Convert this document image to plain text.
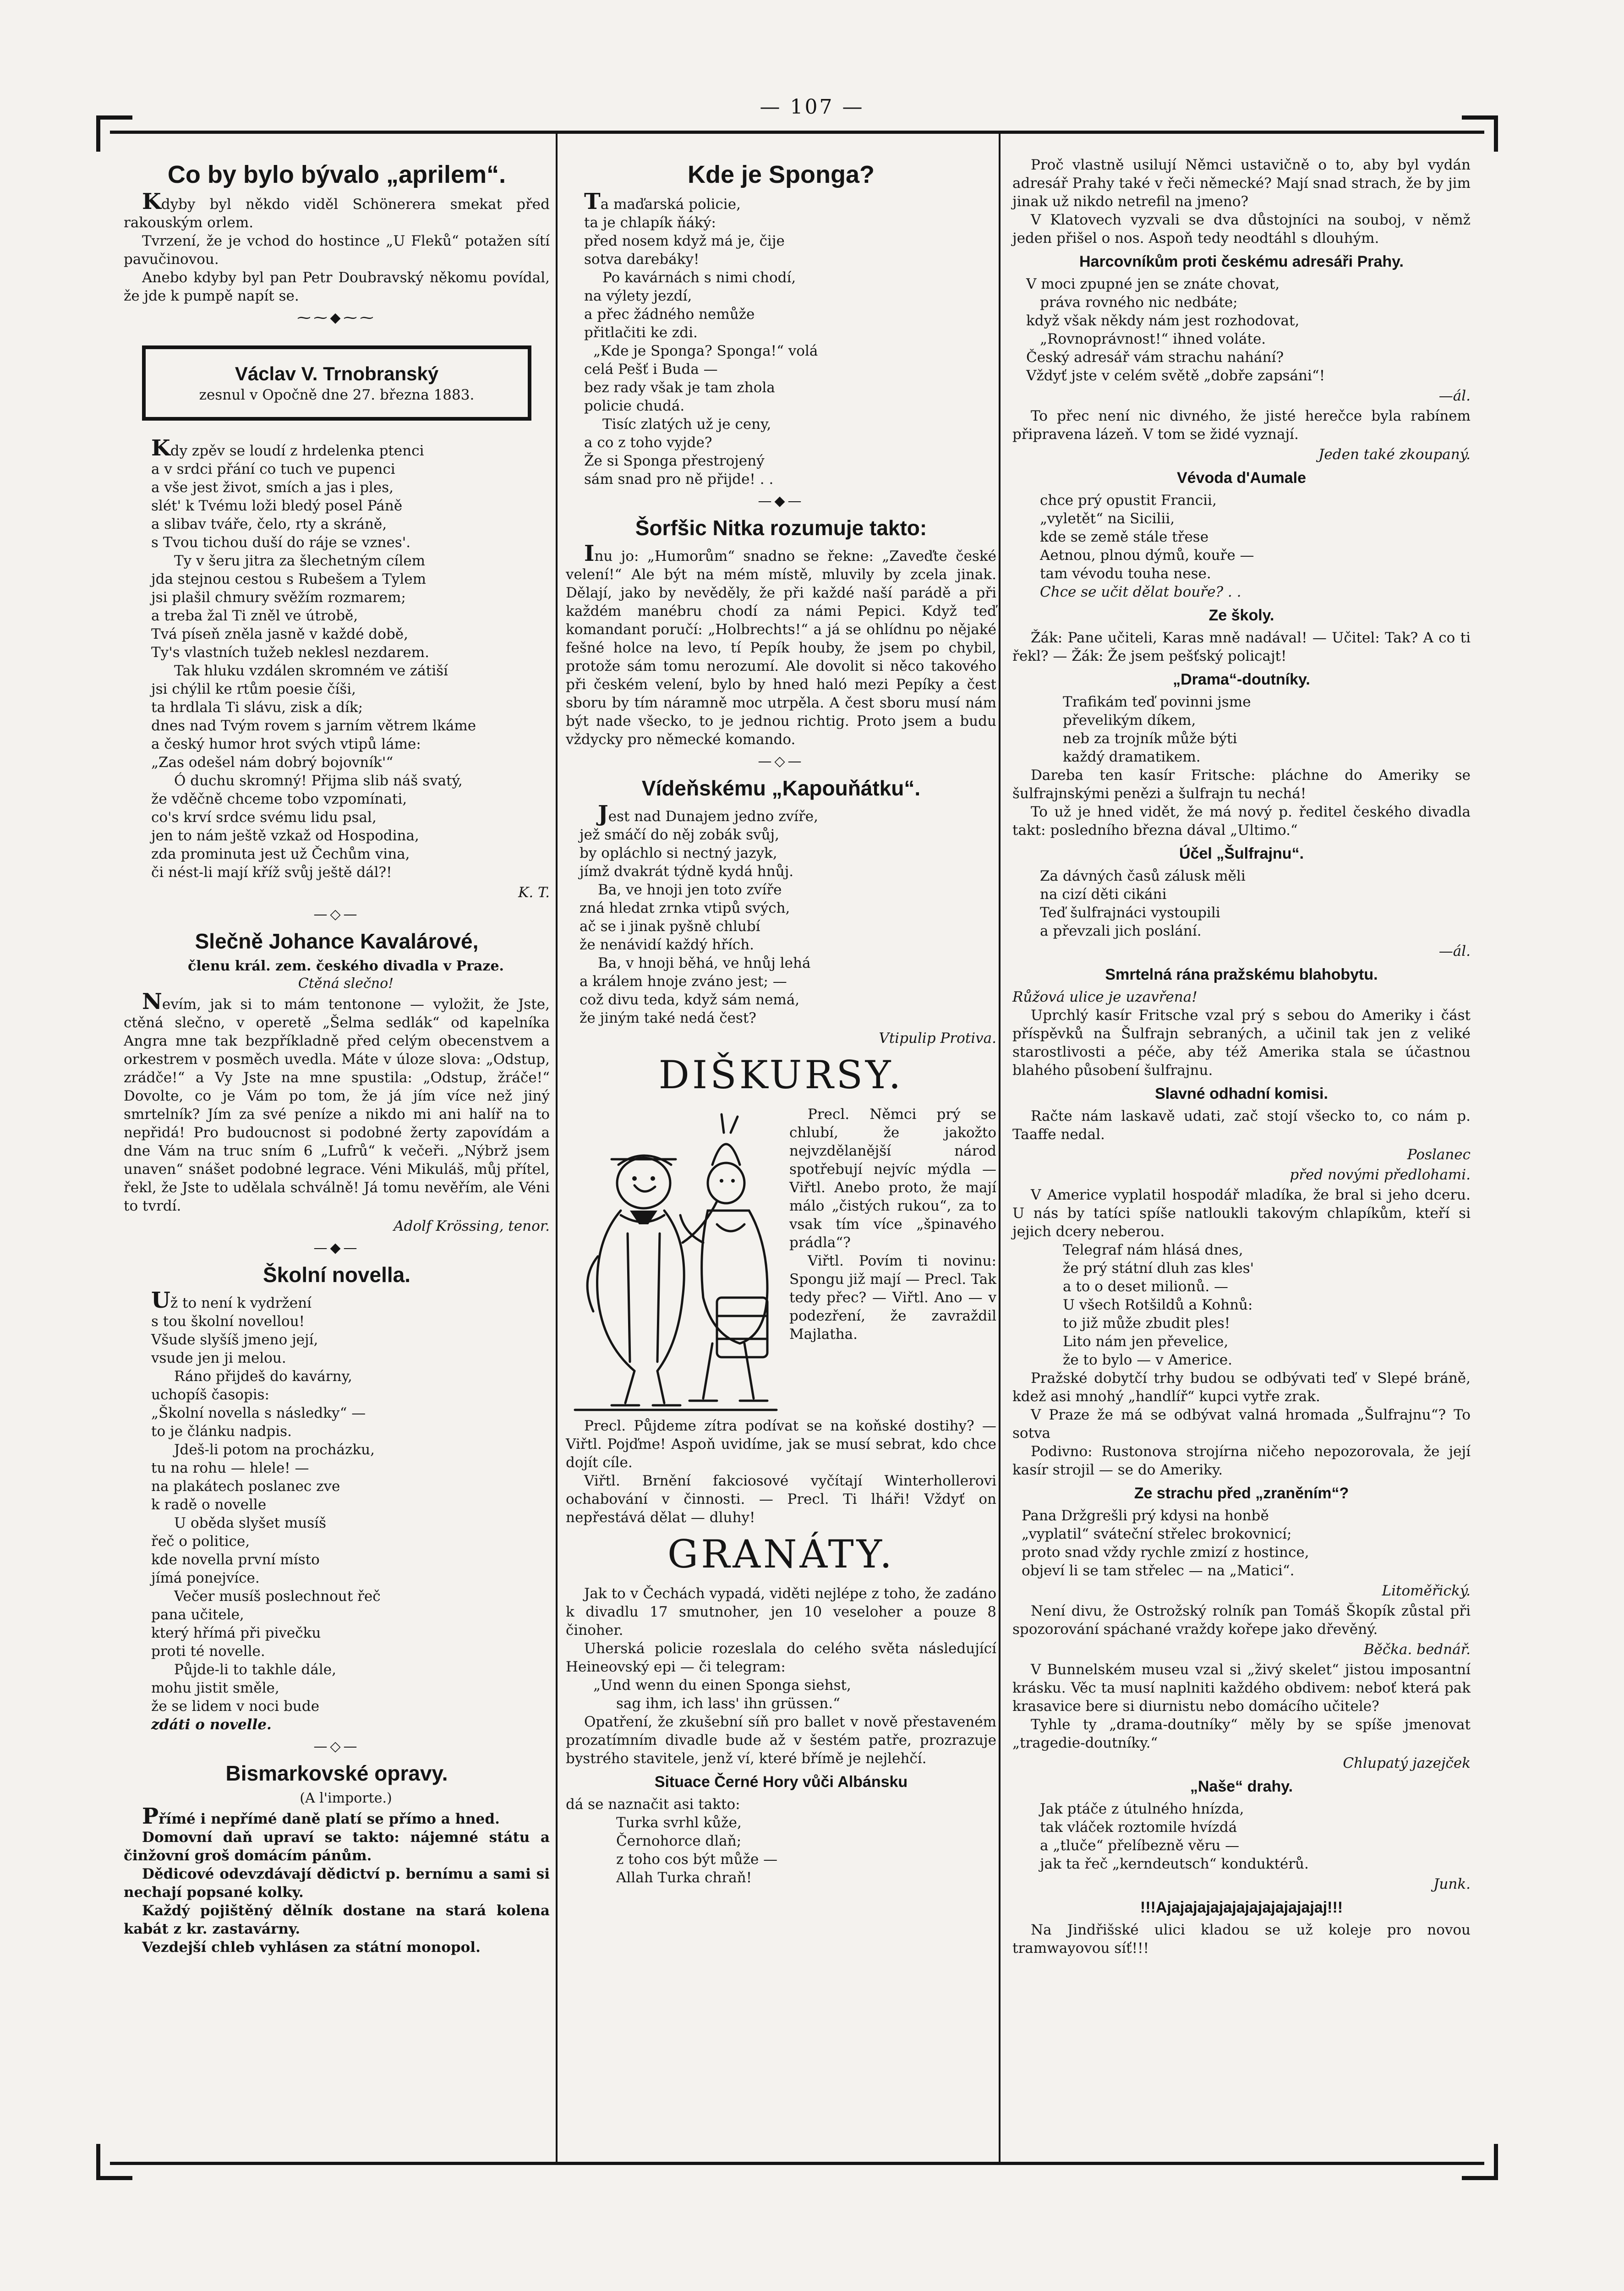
— 107 —
Co by bylo bývalo „aprilem“.

Kdyby byl někdo viděl Schönerera smekat před rakouským orlem.

Tvrzení, že je vchod do hostince „U Fleků“ potažen sítí pavučinovou.

Anebo kdyby byl pan Petr Doubravský někomu povídal, že jde k pumpě napít se.

⁓⁓◆⁓⁓
Václav V. Trnobranský
zesnul v Opočně dne 27. března 1883.

Kdy zpěv se loudí z hrdelenka ptenci

a v srdci přání co tuch ve pupenci

a vše jest život, smích a jas i ples,

slét' k Tvému loži bledý posel Páně

a slibav tváře, čelo, rty a skráně,

s Tvou tichou duší do ráje se vznes'.

Ty v šeru jitra za šlechetným cílem

jda stejnou cestou s Rubešem a Tylem

jsi plašil chmury svěžím rozmarem;

a treba žal Ti zněl ve útrobě,

Tvá píseň zněla jasně v každé době,

Ty's vlastních tužeb neklesl nezdarem.

Tak hluku vzdálen skromném ve zátiší

jsi chýlil ke rtům poesie číši,

ta hrdlala Ti slávu, zisk a dík;

dnes nad Tvým rovem s jarním větrem lkáme

a český humor hrot svých vtipů láme:

„Zas odešel nám dobrý bojovník'“

Ó duchu skromný! Přijma slib náš svatý,

že vděčně chceme tobo vzpomínati,

co's krví srdce svému lidu psal,

jen to nám ještě vzkaž od Hospodina,

zda prominuta jest už Čechům vina,

či nést-li mají kříž svůj ještě dál?!

K. T.

—◇—
Slečně Johance Kavalárové,

členu král. zem. českého divadla v Praze.

Ctěná slečno!

Nevím, jak si to mám tentonone — vyložit, že Jste, ctěná slečno, v operetě „Šelma sedlák“ od kapelníka Angra mne tak bezpříkladně před celým obecenstvem a orkestrem v posměch uvedla. Máte v úloze slova: „Odstup, zrádče!“ a Vy Jste na mne spustila: „Odstup, žráče!“ Dovolte, co je Vám po tom, že já jím více než jiný smrtelník? Jím za své peníze a nikdo mi ani halíř na to nepřidá! Pro budoucnost si podobné žerty zapovídám a dne Vám na truc sním 6 „Lufrů“ k večeři. „Nýbrž jsem unaven“ snášet podobné legrace. Véni Mikuláš, můj přítel, řekl, že Jste to udělala schválně! Já tomu nevěřím, ale Véni to tvrdí.

Adolf Krössing, tenor.

—◆—
Školní novella.

Už to není k vydržení

s tou školní novellou!

Všude slyšíš jmeno její,

vsude jen ji melou.

Ráno přijdeš do kavárny,

uchopíš časopis:

„Školní novella s následky“ —

to je článku nadpis.

Jdeš-li potom na procházku,

tu na rohu — hlele! —

na plakátech poslanec zve

k radě o novelle

U oběda slyšet musíš

řeč o politice,

kde novella první místo

jímá ponejvíce.

Večer musíš poslechnout řeč

pana učitele,

který hřímá při pivečku

proti té novelle.

Půjde-li to takhle dále,

mohu jistit směle,

že se lidem v noci bude

zdáti o novelle.

—◇—
Bismarkovské opravy.

(A l'importe.)

Přímé i nepřímé daně platí se přímo a hned.

Domovní daň upraví se takto: nájemné státu a činžovní groš domácím pánům.

Dědicové odevzdávají dědictví p. bernímu a sami si nechají popsané kolky.

Každý pojištěný dělník dostane na stará kolena kabát z kr. zastavárny.

Vezdejší chleb vyhlásen za státní monopol.

Kde je Sponga?

Ta maďarská policie,

ta je chlapík ňáký:

před nosem když má je, čije

sotva darebáky!

Po kavárnách s nimi chodí,

na výlety jezdí,

a přec žádného nemůže

přitlačiti ke zdi.

„Kde je Sponga? Sponga!“ volá

celá Pešť i Buda —

bez rady však je tam zhola

policie chudá.

Tisíc zlatých už je ceny,

a co z toho vyjde?

Že si Sponga přestrojený

sám snad pro ně přijde! . .

—◆—
Šorfšic Nitka rozumuje takto:

Inu jo: „Humorům“ snadno se řekne: „Zaveďte české velení!“ Ale být na mém místě, mluvily by zcela jinak. Dělají, jako by nevěděly, že při každé naší parádě a při každém manébru chodí za námi Pepici. Když teď komandant poručí: „Holbrechts!“ a já se ohlídnu po nějaké fešné holce na levo, tí Pepík houby, že jsem po chybil, protože sám tomu nerozumí. Ale dovolit si něco takového při českém velení, bylo by hned haló mezi Pepíky a čest sboru by tím náramně moc utrpěla. A čest sboru musí nám být nade všecko, to je jednou richtig. Proto jsem a budu vždycky pro německé komando.

—◇—
Vídeňskému „Kapouňátku“.

Jest nad Dunajem jedno zvíře,

jež smáčí do něj zobák svůj,

by opláchlo si nectný jazyk,

jímž dvakrát týdně kydá hnůj.

Ba, ve hnoji jen toto zvíře

zná hledat zrnka vtipů svých,

ač se i jinak pyšně chlubí

že nenávidí každý hřích.

Ba, v hnoji běhá, ve hnůj lehá

a králem hnoje zváno jest; —

což divu teda, když sám nemá,

že jiným také nedá čest?

Vtipulip Protiva.

DIŠKURSY.

Precl. Němci prý se chlubí, že jakožto nejvzdělanější národ spotřebují nejvíc mýdla — Viřtl. Anebo proto, že mají málo „čistých rukou“, za to vsak tím více „špinavého prádla“?

Viřtl. Povím ti novinu: Spongu již mají — Precl. Tak tedy přec? — Viřtl. Ano — v podezření, že zavraždil Majlatha.

Precl. Půjdeme zítra podívat se na koňské dostihy? — Viřtl. Pojďme! Aspoň uvidíme, jak se musí sebrat, kdo chce dojít cíle.

Viřtl. Brnění fakciosové vyčítají Winterhollerovi ochabování v činnosti. — Precl. Ti lháři! Vždyť on nepřestává dělat — dluhy!

GRANÁTY.

Jak to v Čechách vypadá, viděti nejlépe z toho, že zadáno k divadlu 17 smutnoher, jen 10 veseloher a pouze 8 činoher.

Uherská policie rozeslala do celého světa následující Heineovský epi — či telegram:

„Und wenn du einen Sponga siehst,

sag ihm, ich lass' ihn grüssen.“

Opatření, že zkušební síň pro ballet v nově přestaveném prozatímním divadle bude až v šestém patře, prozrazuje bystrého stavitele, jenž ví, které břímě je nejlehčí.

Situace Černé Hory vůči Albánsku

dá se naznačit asi takto:

Turka svrhl kůže,

Černohorce dlaň;

z toho cos být může —

Allah Turka chraň!

Proč vlastně usilují Němci ustavičně o to, aby byl vydán adresář Prahy také v řeči německé? Mají snad strach, že by jim jinak už nikdo netrefil na jmeno?

V Klatovech vyzvali se dva důstojníci na souboj, v němž jeden přišel o nos. Aspoň tedy neodtáhl s dlouhým.

Harcovníkům proti českému adresáři Prahy.

V moci zpupné jen se znáte chovat,

práva rovného nic nedbáte;

když však někdy nám jest rozhodovat,

„Rovnoprávnost!“ ihned voláte.

Český adresář vám strachu nahání?

Vždyť jste v celém světě „dobře zapsáni“!

—ál.

To přec není nic divného, že jisté herečce byla rabínem připravena lázeň. V tom se židé vyznají.

Jeden také zkoupaný.

Vévoda d'Aumale

chce prý opustit Francii,

„vyletět“ na Sicilii,

kde se země stále třese

Aetnou, plnou dýmů, kouře —

tam vévodu touha nese.

Chce se učit dělat bouře? . .

Ze školy.

Žák: Pane učiteli, Karas mně nadával! — Učitel: Tak? A co ti řekl? — Žák: Že jsem pešťský policajt!

„Drama“-doutníky.

Trafikám teď povinni jsme

převelikým díkem,

neb za trojník může býti

každý dramatikem.

Dareba ten kasír Fritsche: pláchne do Ameriky se šulfrajnskými penězi a šulfrajn tu nechá!

To už je hned vidět, že má nový p. ředitel českého divadla takt: posledního března dával „Ultimo.“

Účel „Šulfrajnu“.

Za dávných časů zálusk měli

na cizí děti cikáni

Teď šulfrajnáci vystoupili

a převzali jich poslání.

—ál.

Smrtelná rána pražskému blahobytu.

Růžová ulice je uzavřena!

Uprchlý kasír Fritsche vzal prý s sebou do Ameriky i část příspěvků na Šulfrajn sebraných, a učinil tak jen z veliké starostlivosti a péče, aby též Amerika stala se účastnou blahého působení šulfrajnu.

Slavné odhadní komisi.

Račte nám laskavě udati, zač stojí všecko to, co nám p. Taaffe nedal.

Poslanec

před novými předlohami.

V Americe vyplatil hospodář mladíka, že bral si jeho dceru. U nás by tatíci spíše natloukli takovým chlapíkům, kteří si jejich dcery neberou.

Telegraf nám hlásá dnes,

že prý státní dluh zas kles'

a to o deset milionů. —

U všech Rotšildů a Kohnů:

to již může zbudit ples!

Lito nám jen převelice,

že to bylo — v Americe.

Pražské dobytčí trhy budou se odbývati teď v Slepé bráně, kdež asi mnohý „handlíř“ kupci vytře zrak.

V Praze že má se odbývat valná hromada „Šulfrajnu“? To sotva

Podivno: Rustonova strojírna ničeho nepozorovala, že její kasír strojil — se do Ameriky.

Ze strachu před „zraněním“?

Pana Držgrešli prý kdysi na honbě

„vyplatil“ sváteční střelec brokovnicí;

proto snad vždy rychle zmizí z hostince,

objeví li se tam střelec — na „Matici“.

Litoměřický.

Není divu, že Ostrožský rolník pan Tomáš Škopík zůstal při spozorování spáchané vraždy kořepe jako dřevěný.

Běčka. bednář.

V Bunnelském museu vzal si „živý skelet“ jistou imposantní krásku. Věc ta musí naplniti každého obdivem: neboť která pak krasavice bere si diurnistu nebo domácího učitele?

Tyhle ty „drama-doutníky“ měly by se spíše jmenovat „tragedie-doutníky.“

Chlupatý jazejček

„Naše“ drahy.

Jak ptáče z útulného hnízda,

tak vláček roztomile hvízdá

a „tluče“ přelíbezně věru —

jak ta řeč „kerndeutsch“ konduktérů.

Junk.

!!!Ajajajajajajajajajajajajaj!!!

Na Jindřišské ulici kladou se už koleje pro novou tramwayovou síť!!!
